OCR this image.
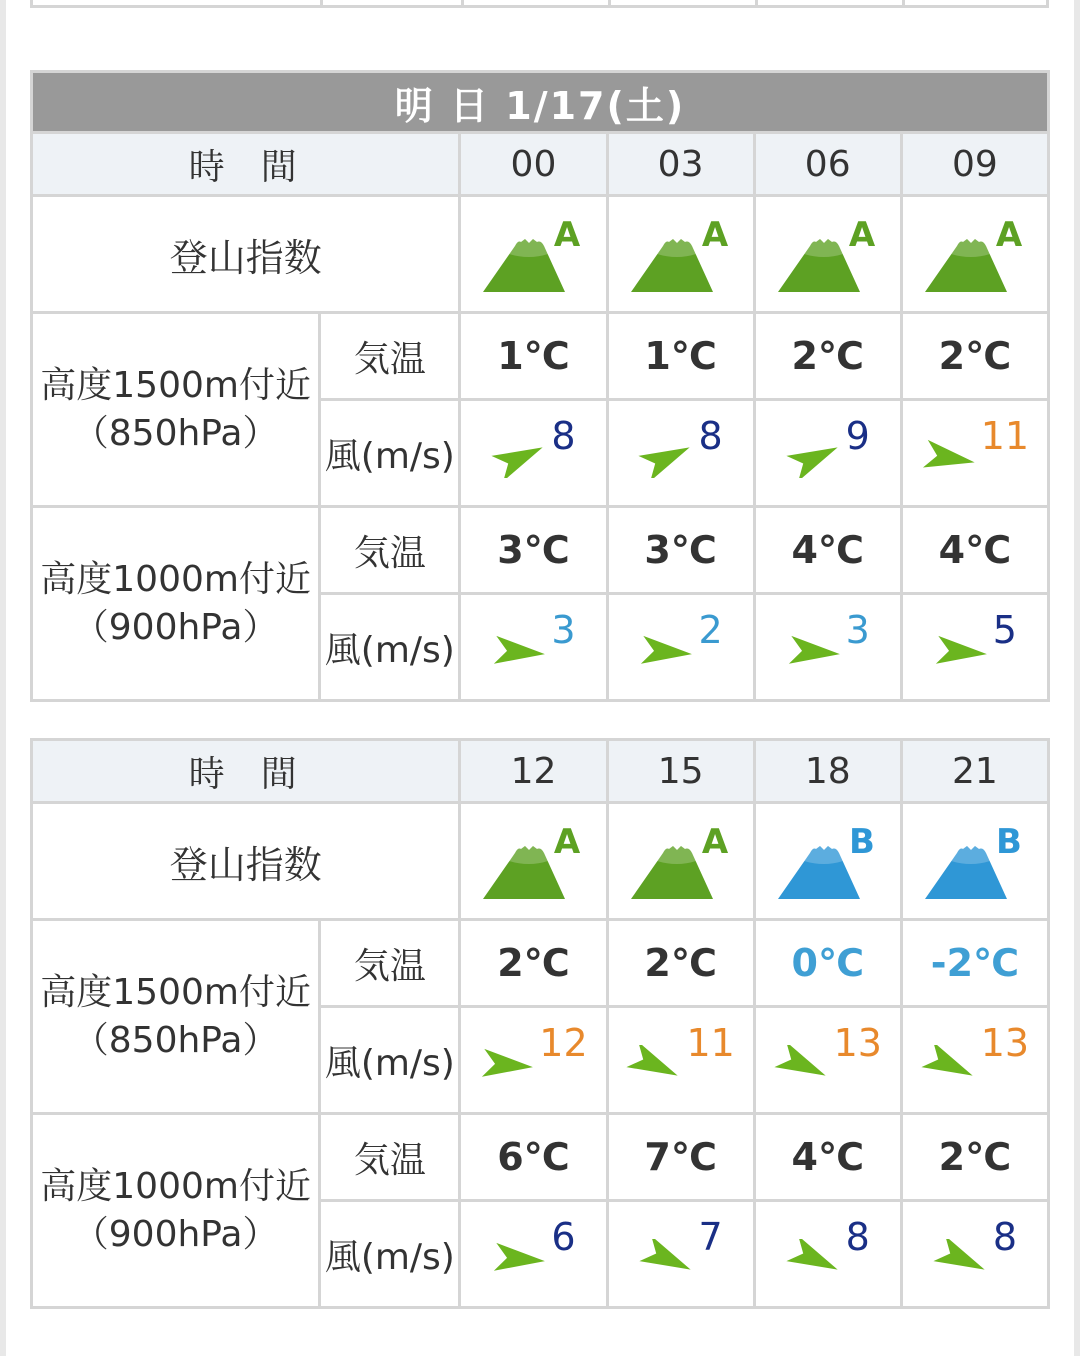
明 日 1/17(土)					
時間		00	03	06	09
登山指数		A	A	A	A

高度1500m付近
（850hPa）	気温	1℃	1℃	2℃	2℃
	風(m/s)	8	8	9	11
高度1000m付近
（900hPa）	気温	3℃	3℃	4℃	4℃
	風(m/s)	3	2	3	5
時間		12	15	18	21
登山指数		A	A	B	B

高度1500m付近
（850hPa）	気温	2℃	2℃	0℃	-2℃
	風(m/s)	12	11	13	13
高度1000m付近
（900hPa）	気温	6℃	7℃	4℃	2℃
	風(m/s)	6	7	8	8
